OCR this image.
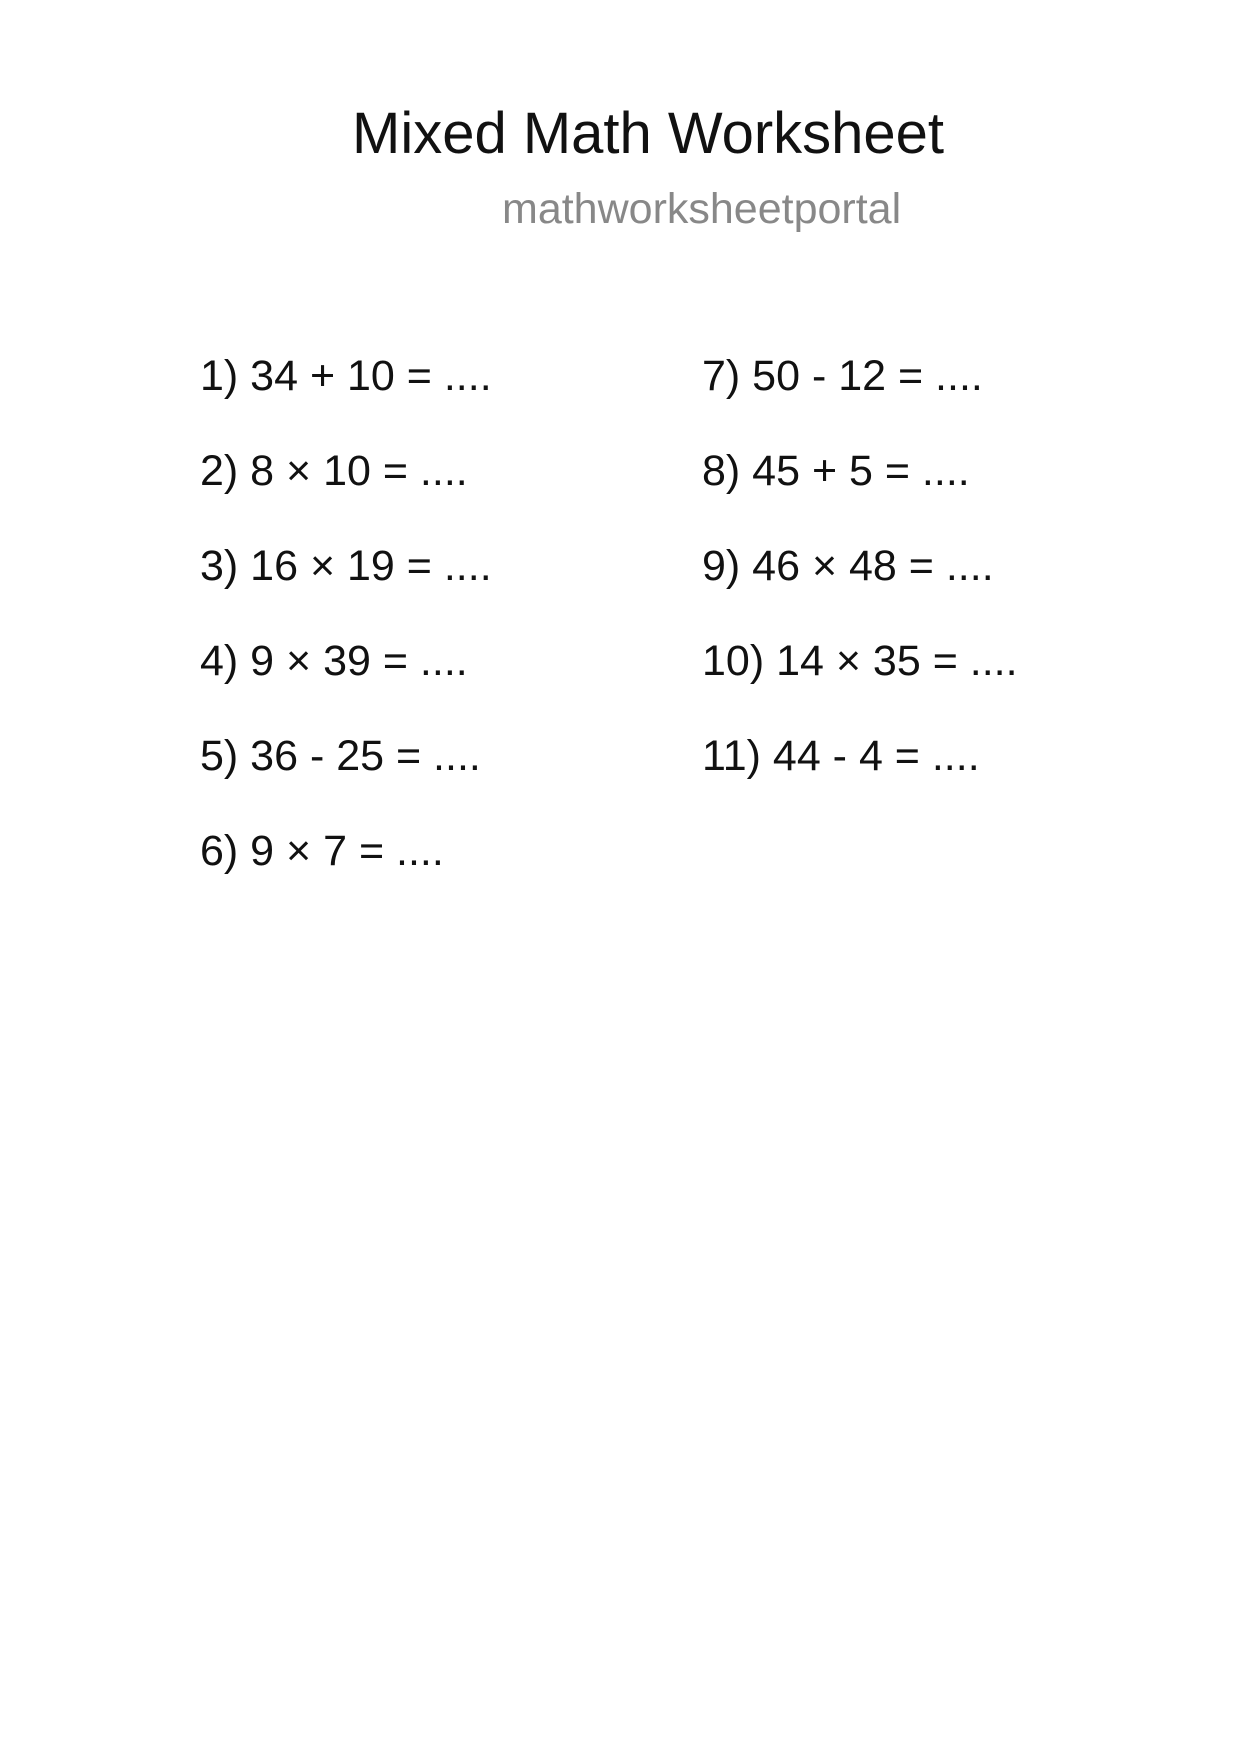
Mixed Math Worksheet
mathworksheetportal
1) 34 + 10 = ....
2) 8 × 10 = ....
3) 16 × 19 = ....
4) 9 × 39 = ....
5) 36 - 25 = ....
6) 9 × 7 = ....
7) 50 - 12 = ....
8) 45 + 5 = ....
9) 46 × 48 = ....
10) 14 × 35 = ....
11) 44 - 4 = ....
